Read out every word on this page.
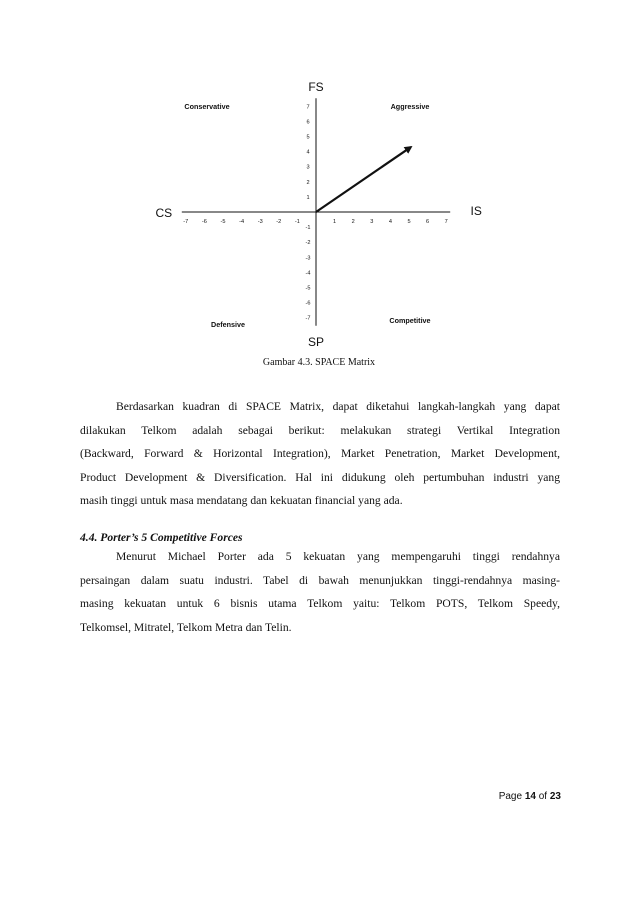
FS
SP
CS	IS
Conservative	Aggressive
Defensive	Competitive
-7 -6 -5 -4 -3 -2 -1	1	2	3	4	5	6	7
7
6
5
4
3
2
1
-1
-2
-3
-4
-5
-6
-7
Gambar 4.3. SPACE Matrix

Berdasarkan kuadran di SPACE Matrix, dapat diketahui langkah-langkah yang dapat
dilakukan Telkom adalah sebagai berikut: melakukan strategi Vertikal Integration
(Backward, Forward & Horizontal Integration), Market Penetration, Market Development,
Product Development & Diversification. Hal ini didukung oleh pertumbuhan industri yang
masih tinggi untuk masa mendatang dan kekuatan financial yang ada.

4.4. Porter’s 5 Competitive Forces

Menurut Michael Porter ada 5 kekuatan yang mempengaruhi tinggi rendahnya
persaingan dalam suatu industri. Tabel di bawah menunjukkan tinggi-rendahnya masing-
masing kekuatan untuk 6 bisnis utama Telkom yaitu: Telkom POTS, Telkom Speedy,
Telkomsel, Mitratel, Telkom Metra dan Telin.

Page 14 of 23
